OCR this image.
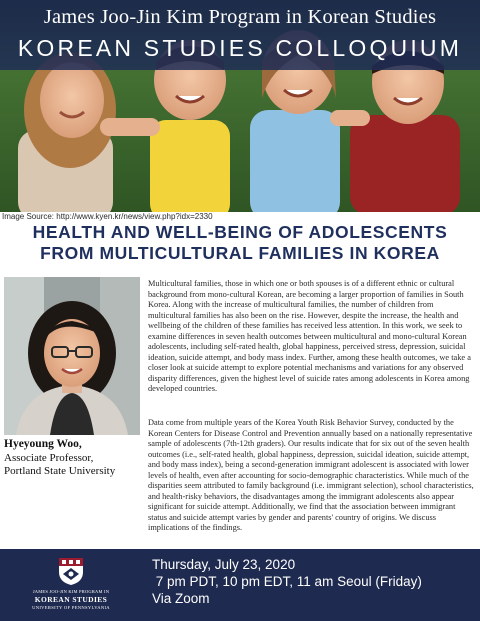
James Joo-Jin Kim Program in Korean Studies
KOREAN STUDIES COLLOQUIUM
Image Source: http://www.kyen.kr/news/view.php?idx=2330
HEALTH AND WELL-BEING OF ADOLESCENTS
FROM MULTICULTURAL FAMILIES IN KOREA
Hyeyoung Woo,
Associate Professor,
Portland State University

Multicultural families, those in which one or both spouses is of a different ethnic or cultural background from mono-cultural Korean, are becoming a larger proportion of families in South Korea. Along with the increase of multicultural families, the number of children from multicultural families has also been on the rise. However, despite the increase, the health and wellbeing of the children of these families has received less attention. In this work, we seek to examine differences in seven health outcomes between multicultural and mono-cultural Korean adolescents, including self-rated health, global happiness, perceived stress, depression, suicidal ideation, suicide attempt, and body mass index. Further, among these health outcomes, we take a closer look at suicide attempt to explore potential mechanisms and variations for any observed disparity differences, given the highest level of suicide rates among adolescents in Korea among developed countries.

Data come from multiple years of the Korea Youth Risk Behavior Survey, conducted by the Korean Centers for Disease Control and Prevention annually based on a nationally representative sample of adolescents (7th-12th graders). Our results indicate that for six out of the seven health outcomes (i.e., self-rated health, global happiness, depression, suicidal ideation, suicide attempt, and body mass index), being a second-generation immigrant adolescent is associated with lower levels of health, even after accounting for socio-demographic characteristics. While much of the disparities seem attributed to family background (i.e. immigrant selection), school characteristics, and health-risky behaviors, the disadvantages among the immigrant adolescents also appear significant for suicide attempt. Additionally, we find that the association between immigrant status and suicide attempt varies by gender and parents' country of origins. We discuss implications of the findings.

JAMES JOO-JIN KIM PROGRAM IN
KOREAN STUDIES
UNIVERSITY OF PENNSYLVANIA
Thursday, July 23, 2020
7 pm PDT, 10 pm EDT, 11 am Seoul (Friday)
Via Zoom
